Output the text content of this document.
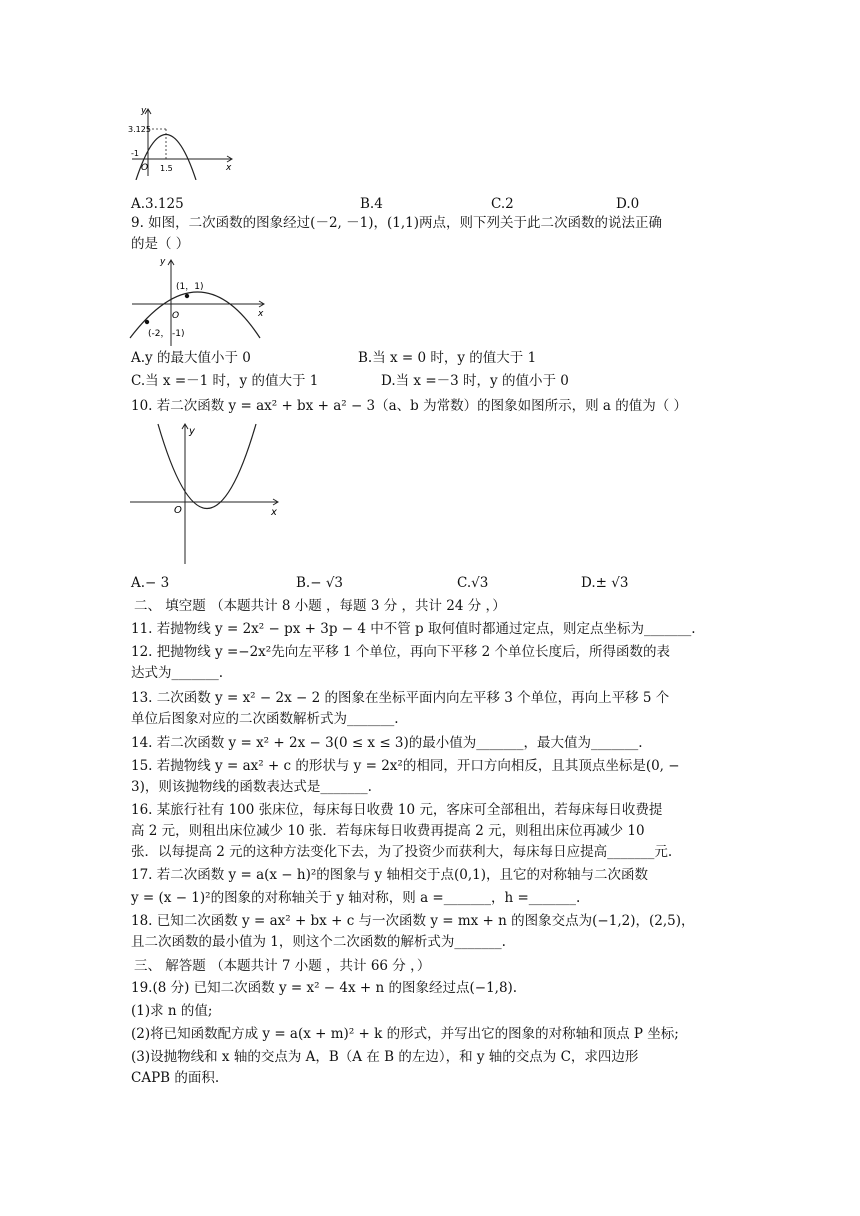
y
3.125
-1
O 1.5	x
A.3.125	B.4	C.2	D.0
9. 如图，二次函数的图象经过(－2, －1)，(1,1)两点，则下列关于此二次函数的说法正确
的是（ ）
y
(1，1)
O
(-2， -1)
x
A.y 的最大值小于 0	B.当 x = 0 时，y 的值大于 1
C.当 x =－1 时，y 的值大于 1	D.当 x =－3 时，y 的值小于 0
10. 若二次函数 y = ax² + bx + a² − 3（a、b 为常数）的图象如图所示，则 a 的值为（ ）
y
O	x
A.− 3	B.− √3	C.√3	D.± √3
二、 填空题 （本题共计 8 小题 ，每题 3 分 ，共计 24 分 ，）
11. 若抛物线 y = 2x² − px + 3p − 4 中不管 p 取何值时都通过定点，则定点坐标为_______.
12. 把抛物线 y =−2x²先向左平移 1 个单位，再向下平移 2 个单位长度后，所得函数的表
达式为_______.
13. 二次函数 y = x² − 2x − 2 的图象在坐标平面内向左平移 3 个单位，再向上平移 5 个
单位后图象对应的二次函数解析式为_______.
14. 若二次函数 y = x² + 2x − 3(0 ≤ x ≤ 3)的最小值为_______，最大值为_______.
15. 若抛物线 y = ax² + c 的形状与 y = 2x²的相同，开口方向相反，且其顶点坐标是(0, −
3)，则该抛物线的函数表达式是_______.
16. 某旅行社有 100 张床位，每床每日收费 10 元，客床可全部租出，若每床每日收费提
高 2 元，则租出床位减少 10 张．若每床每日收费再提高 2 元，则租出床位再减少 10
张．以每提高 2 元的这种方法变化下去，为了投资少而获利大，每床每日应提高_______元.
17. 若二次函数 y = a(x − h)²的图象与 y 轴相交于点(0,1)，且它的对称轴与二次函数
y = (x − 1)²的图象的对称轴关于 y 轴对称，则 a =_______，h =_______.
18. 已知二次函数 y = ax² + bx + c 与一次函数 y = mx + n 的图象交点为(−1,2)，(2,5)，
且二次函数的最小值为 1，则这个二次函数的解析式为_______.
三、 解答题 （本题共计 7 小题 ，共计 66 分 ，）
19.(8 分) 已知二次函数 y = x² − 4x + n 的图象经过点(−1,8).
(1)求 n 的值;
(2)将已知函数配方成 y = a(x + m)² + k 的形式，并写出它的图象的对称轴和顶点 P 坐标;
(3)设抛物线和 x 轴的交点为 A，B（A 在 B 的左边），和 y 轴的交点为 C，求四边形
CAPB 的面积.
